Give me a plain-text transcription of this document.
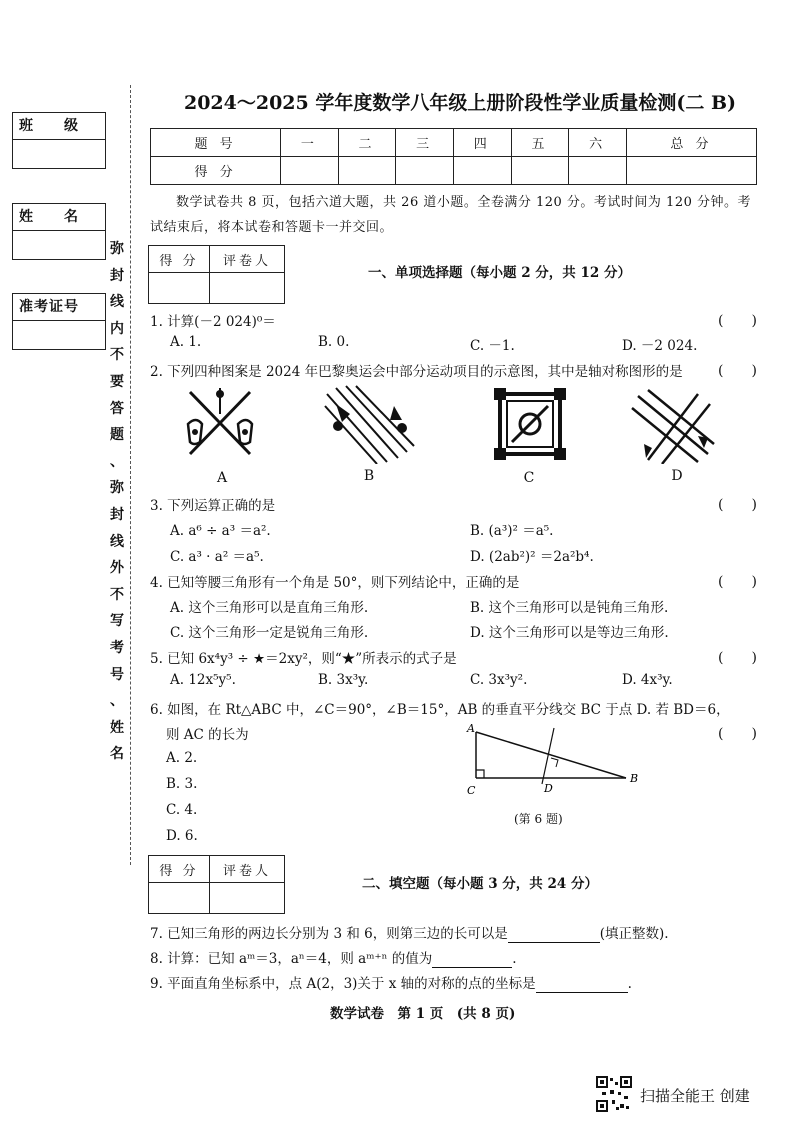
班　　级
姓　　名
准考证号
弥
封
线
内
不
要
答
题
、
弥
封
线
外
不
写
考
号
、
姓
名
2024～2025 学年度数学八年级上册阶段性学业质量检测(二 B)
题 号	一	二	三	四	五	六	总 分
得 分							
数学试卷共 8 页，包括六道大题，共 26 道小题。全卷满分 120 分。考试时间为 120 分钟。考试结束后，将本试卷和答题卡一并交回。
得 分	评卷人

一、单项选择题（每小题 2 分，共 12 分）
1. 计算(－2 024)⁰＝	(　　)
A. 1.	B. 0.	C. －1.	D. －2 024.
2. 下列四种图案是 2024 年巴黎奥运会中部分运动项目的示意图，其中是轴对称图形的是	(　　)
A	B	C	D
3. 下列运算正确的是	(　　)
A. a⁶ ÷ a³ ＝a².	B. (a³)² ＝a⁵.
C. a³ · a² ＝a⁵.	D. (2ab²)² ＝2a²b⁴.
4. 已知等腰三角形有一个角是 50°，则下列结论中，正确的是	(　　)
A. 这个三角形可以是直角三角形.	B. 这个三角形可以是钝角三角形.
C. 这个三角形一定是锐角三角形.	D. 这个三角形可以是等边三角形.
5. 已知 6x⁴y³ ÷ ★＝2xy²，则“★”所表示的式子是	(　　)
A. 12x⁵y⁵.	B. 3x³y.	C. 3x³y².	D. 4x³y.
6. 如图，在 Rt△ABC 中，∠C＝90°，∠B＝15°，AB 的垂直平分线交 BC 于点 D. 若 BD＝6，
则 AC 的长为	(　　)
A. 2.
B. 3.
C. 4.
D. 6.
A
B
C	D
(第 6 题)
得 分	评卷人

二、填空题（每小题 3 分，共 24 分）
7. 已知三角形的两边长分别为 3 和 6，则第三边的长可以是	(填正整数).
8. 计算：已知 aᵐ＝3，aⁿ＝4，则 aᵐ⁺ⁿ 的值为	.
9. 平面直角坐标系中，点 A(2，3)关于 x 轴的对称的点的坐标是	.
数学试卷　第 1 页　(共 8 页)
扫描全能王 创建
